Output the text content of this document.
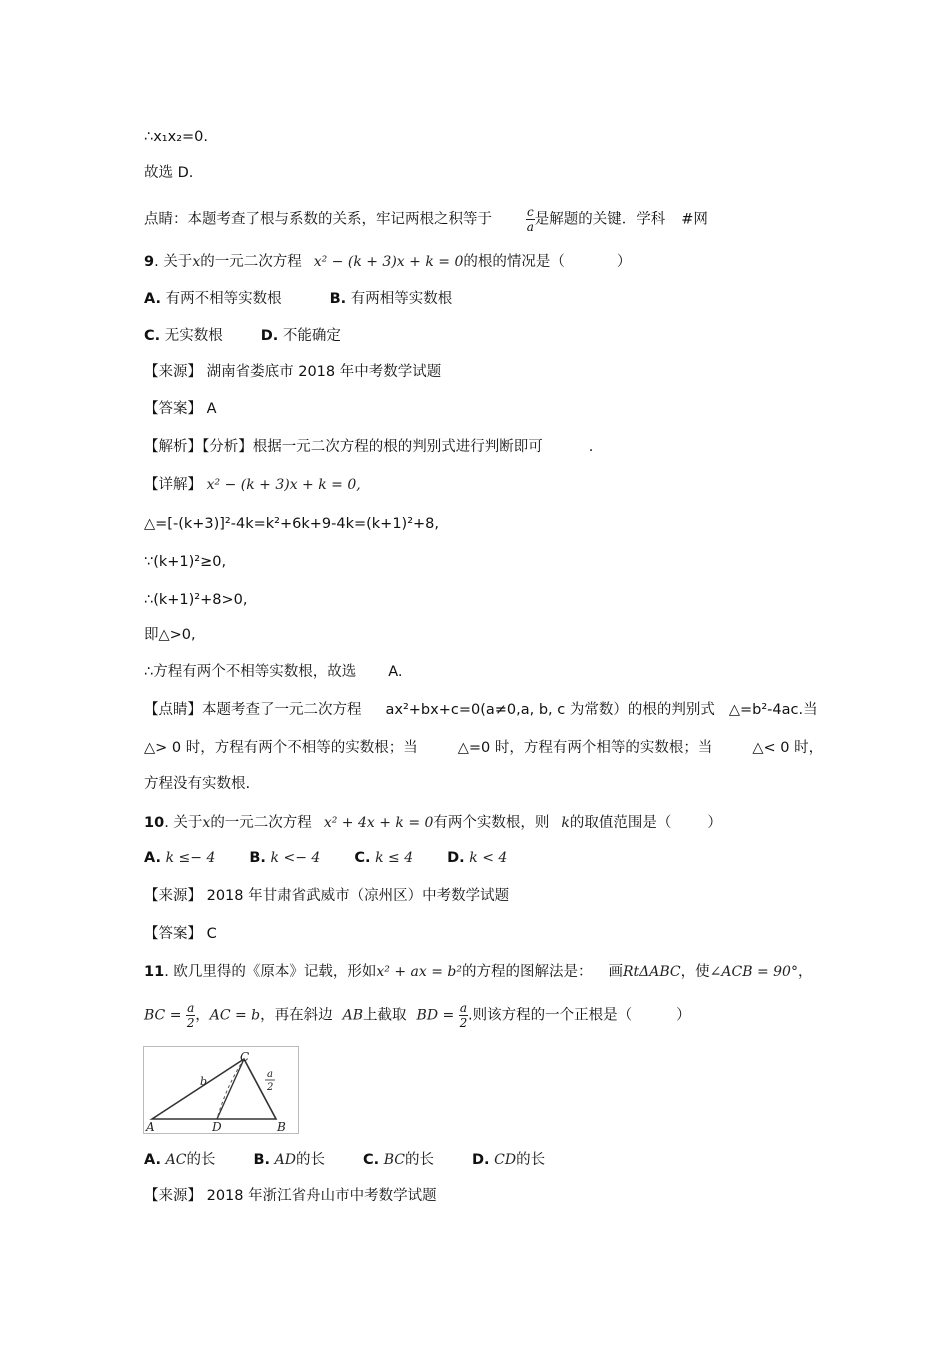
∴x₁x₂=0.
故选 D.
点睛：本题考查了根与系数的关系，牢记两根之积等于	$\frac{c}{a}$ 是解题的关键．学科 #网
9. 关于x的一元二次方程 x² − (k + 3)x + k = 0的根的情况是（	）
A. 有两不相等实数根	B. 有两相等实数根
C. 无实数根	D. 不能确定
【来源】 湖南省娄底市 2018 年中考数学试题
【答案】 A
【解析】【分析】根据一元二次方程的根的判别式进行判断即可	.
【详解】 x² − (k + 3)x + k = 0,
△=[-(k+3)]²-4k=k²+6k+9-4k=(k+1)²+8,
∵(k+1)²≥0,
∴(k+1)²+8>0,
即△>0,
∴方程有两个不相等实数根，故选 A.
【点睛】本题考查了一元二次方程 ax²+bx+c=0(a≠0,a, b, c 为常数）的根的判别式 △=b²-4ac.当
△> 0 时，方程有两个不相等的实数根；当	△=0 时，方程有两个相等的实数根；当	△< 0 时，
方程没有实数根.
10. 关于x的一元二次方程 x² + 4x + k = 0有两个实数根，则 k的取值范围是（ ）
A. k ≤− 4 B. k <− 4 C. k ≤ 4 D. k < 4
【来源】 2018 年甘肃省武威市（凉州区）中考数学试题
【答案】 C
11. 欧几里得的《原本》记载，形如x² + ax = b²的方程的图解法是： 画RtΔABC，使∠ACB = 90°，
BC = $\frac{a}{2}$ ，AC = b，再在斜边 AB上截取 BD = $\frac{a}{2}$ .则该方程的一个正根是（	）
C
A	D	B
b
a
2
A. AC的长	B. AD的长	C. BC的长	D. CD的长
【来源】 2018 年浙江省舟山市中考数学试题
